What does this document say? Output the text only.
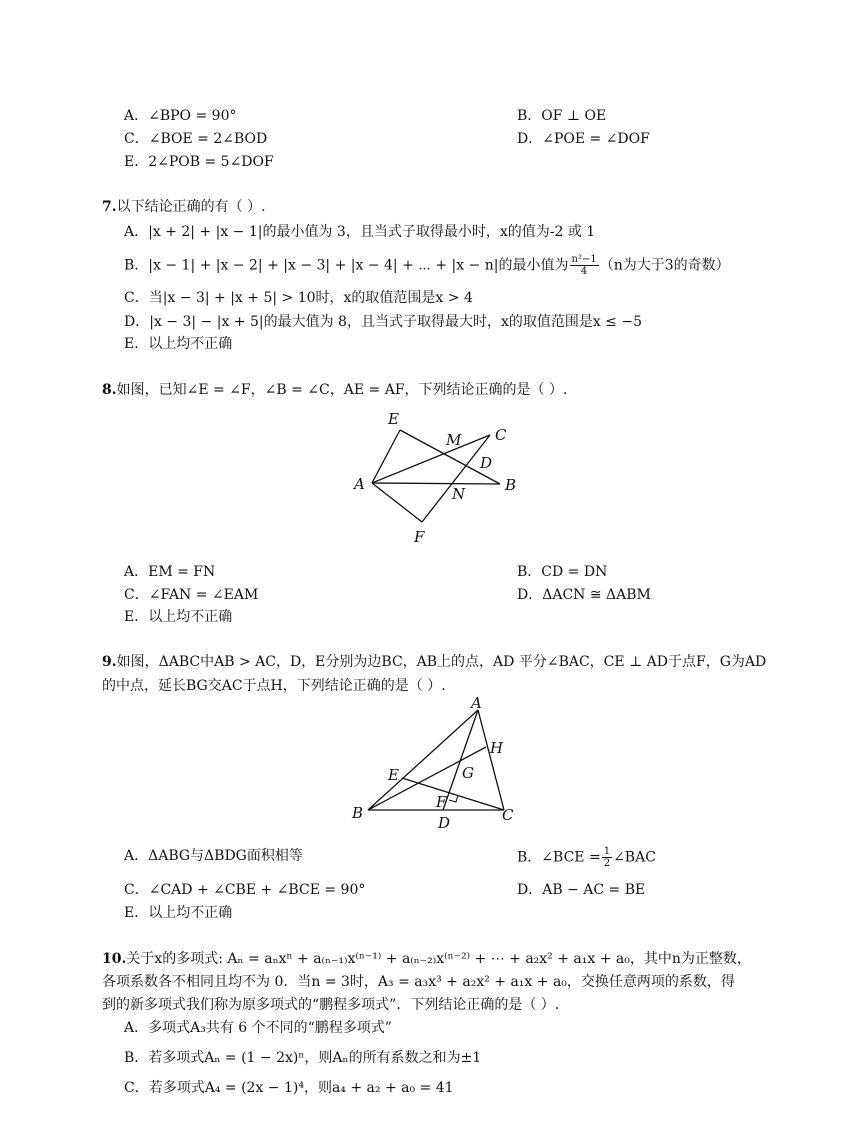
A．∠BPO = 90°	B．OF ⊥ OE
C．∠BOE = 2∠BOD	D．∠POE = ∠DOF
E．2∠POB = 5∠DOF
7.以下结论正确的有（ ）.
A．|x + 2| + |x − 1|的最小值为 3，且当式子取得最小时，x的值为-2 或 1
B．|x − 1| + |x − 2| + |x − 3| + |x − 4| + ⋯ + |x − n|的最小值为 $\frac{\text{n²−1}}{4} (n$为大于3的奇数）
C．当|x − 3| + |x + 5| > 10时，x的取值范围是x > 4
D．|x − 3| − |x + 5|的最大值为 8，且当式子取得最大时，x的取值范围是x ≤ −5
E．以上均不正确
8.如图，已知∠E = ∠F，∠B = ∠C，AE = AF，下列结论正确的是（ ）.
E
M C
D
A
N	B
F
A．EM = FN	B．CD = DN
C．∠FAN = ∠EAM	D．ΔACN ≅ ΔABM
E．以上均不正确
9.如图，ΔABC中AB > AC，D，E分别为边BC，AB上的点，AD 平分∠BAC，CE ⊥ AD于点F，G为AD
的中点，延长BG交AC于点H，下列结论正确的是（ ）.
A
H
E	G
F
B
D	C
A．ΔABG与ΔBDG面积相等	B．∠BCE = $\frac{1}{2}$ ∠BAC
C．∠CAD + ∠CBE + ∠BCE = 90°	D．AB − AC = BE
E．以上均不正确
10.关于x的多项式: Aₙ = aₙxⁿ + a₍ₙ₋₁₎x⁽ⁿ⁻¹⁾ + a₍ₙ₋₂₎x⁽ⁿ⁻²⁾ + ⋯ + a₂x² + a₁x + a₀，其中n为正整数，
各项系数各不相同且均不为 0．当n = 3时，A₃ = a₃x³ + a₂x² + a₁x + a₀，交换任意两项的系数，得
到的新多项式我们称为原多项式的“鹏程多项式”．下列结论正确的是（ ）.
A．多项式A₃共有 6 个不同的“鹏程多项式”
B．若多项式Aₙ = (1 − 2x)ⁿ，则Aₙ的所有系数之和为±1
C．若多项式A₄ = (2x − 1)⁴，则a₄ + a₂ + a₀ = 41
